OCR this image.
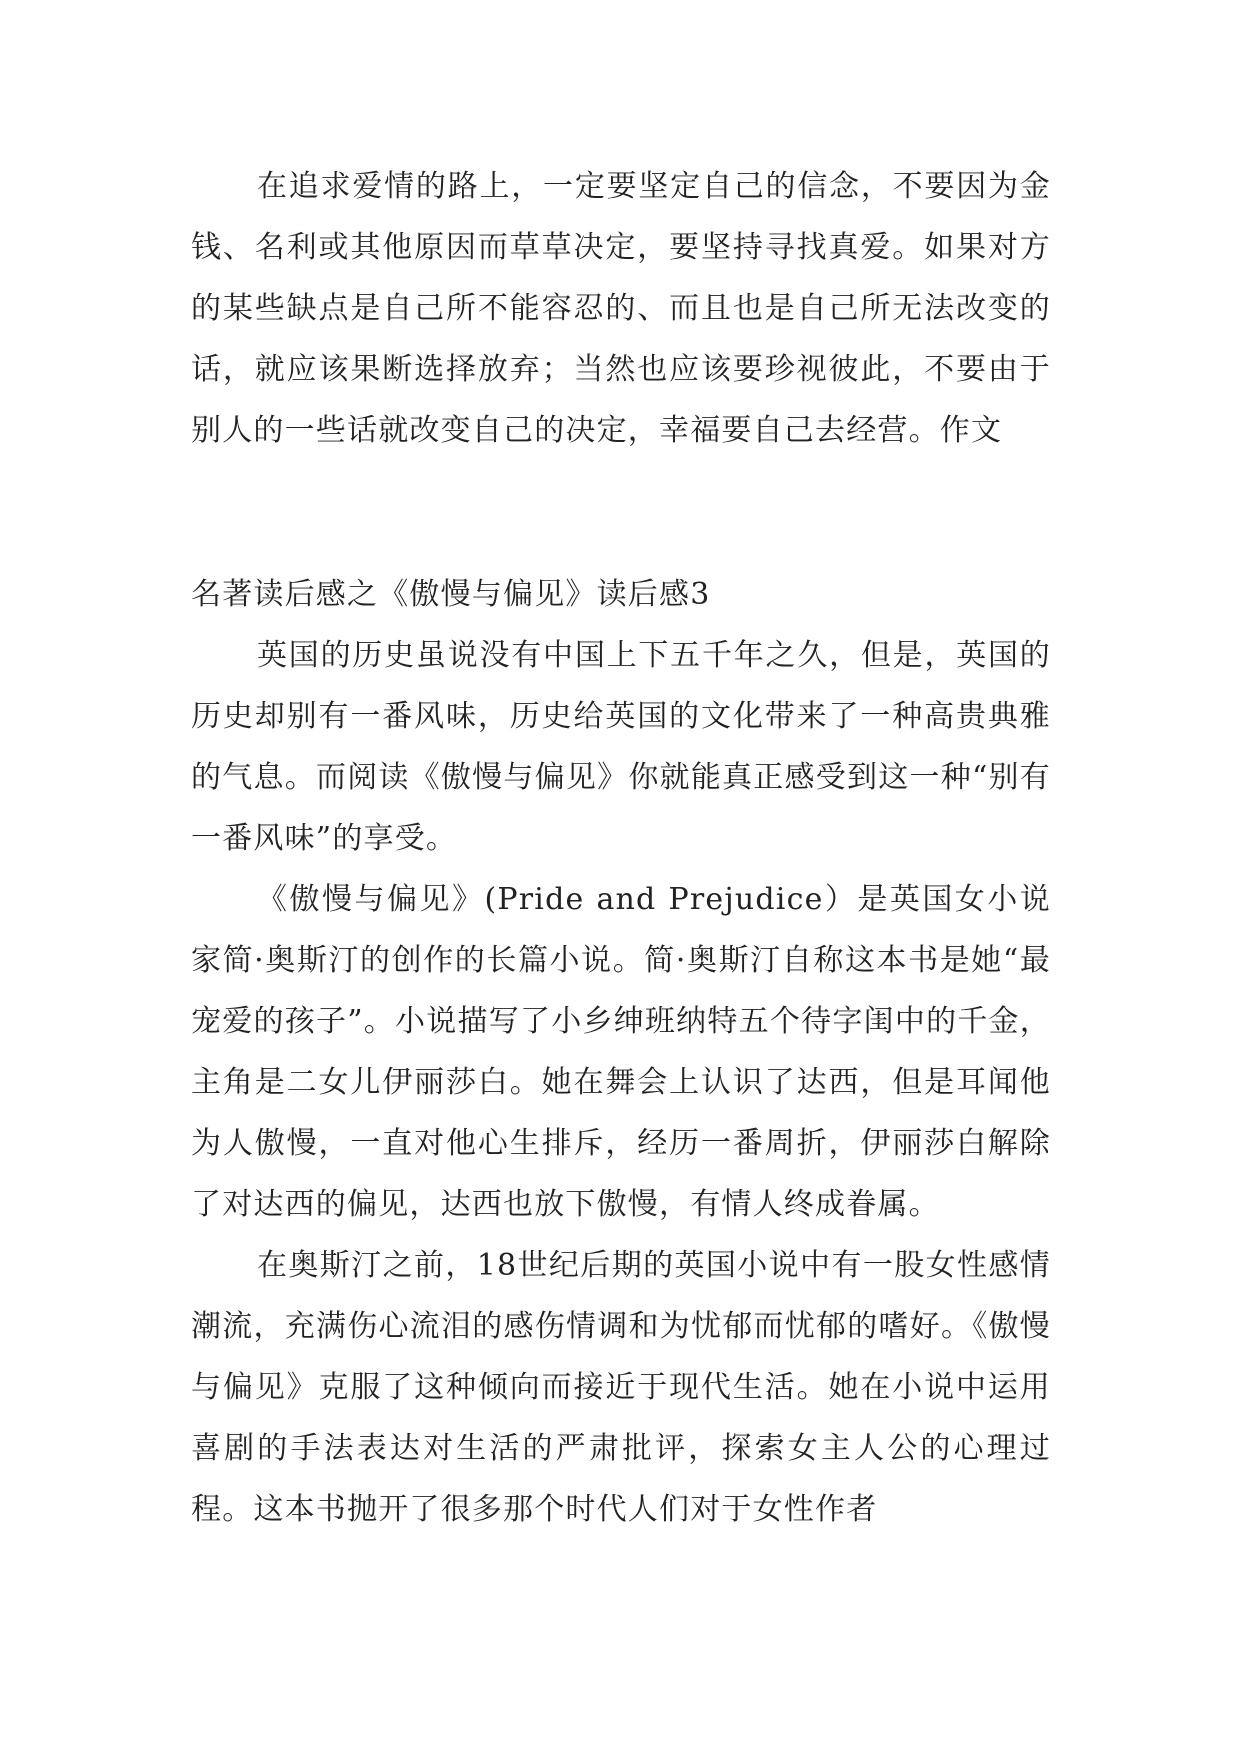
在追求爱情的路上，一定要坚定自己的信念，不要因为金钱、名利或其他原因而草草决定，要坚持寻找真爱。如果对方的某些缺点是自己所不能容忍的、而且也是自己所无法改变的话，就应该果断选择放弃；当然也应该要珍视彼此，不要由于别人的一些话就改变自己的决定，幸福要自己去经营。作文

名著读后感之《傲慢与偏见》读后感3

英国的历史虽说没有中国上下五千年之久，但是，英国的历史却别有一番风味，历史给英国的文化带来了一种高贵典雅的气息。而阅读《傲慢与偏见》你就能真正感受到这一种“别有一番风味”的享受。

《傲慢与偏见》(Pride and Prejudice）是英国女小说家简·奥斯汀的创作的长篇小说。简·奥斯汀自称这本书是她“最宠爱的孩子”。小说描写了小乡绅班纳特五个待字闺中的千金，主角是二女儿伊丽莎白。她在舞会上认识了达西，但是耳闻他为人傲慢，一直对他心生排斥，经历一番周折，伊丽莎白解除了对达西的偏见，达西也放下傲慢，有情人终成眷属。

在奥斯汀之前，18世纪后期的英国小说中有一股女性感情潮流，充满伤心流泪的感伤情调和为忧郁而忧郁的嗜好。《傲慢与偏见》克服了这种倾向而接近于现代生活。她在小说中运用喜剧的手法表达对生活的严肃批评，探索女主人公的心理过程。这本书抛开了很多那个时代人们对于女性作者
